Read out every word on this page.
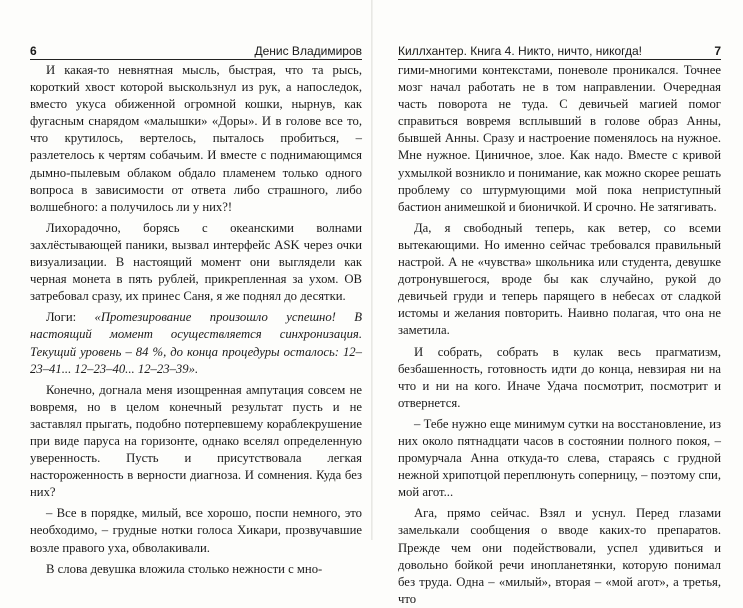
6	Денис Владимиров

И какая-то невнятная мысль, быстрая, что та рысь, короткий хвост которой выскользнул из рук, а напоследок, вместо укуса обиженной огромной кошки, нырнув, как фугасным снарядом «малышки» «Доры». И в голове все то, что крутилось, вертелось, пыталось пробиться, – разлетелось к чертям собачьим. И вместе с поднимающимся дымно-пылевым облаком обдало пламенем только одного вопроса в зависимости от ответа либо страшного, либо волшебного: а получилось ли у них?!

Лихорадочно, борясь с океанскими волнами захлёстывающей паники, вызвал интерфейс ASK через очки визуализации. В настоящий момент они выглядели как черная монета в пять рублей, прикрепленная за ухом. ОВ затребовал сразу, их принес Саня, я же поднял до десятки.

Логи: «Протезирование произошло успешно! В настоящий момент осуществляется синхронизация. Текущий уровень – 84 %, до конца процедуры осталось: 12–23–41... 12–23–40... 12–23–39».

Конечно, догнала меня изощренная ампутация совсем не вовремя, но в целом конечный результат пусть и не заставлял прыгать, подобно потерпевшему кораблекрушение при виде паруса на горизонте, однако вселял определенную уверенность. Пусть и присутствовала легкая настороженность в верности диагноза. И сомнения. Куда без них?

– Все в порядке, милый, все хорошо, поспи немного, это необходимо, – грудные нотки голоса Хикари, прозвучавшие возле правого уха, обволакивали.

В слова девушка вложила столько нежности с мно-

Киллхантер. Книга 4. Никто, ничто, никогда!	7

гими-многими контекстами, поневоле проникался. Точнее мозг начал работать не в том направлении. Очередная часть поворота не туда. С девичьей магией помог справиться вовремя всплывший в голове образ Анны, бывшей Анны. Сразу и настроение поменялось на нужное. Мне нужное. Циничное, злое. Как надо. Вместе с кривой ухмылкой возникло и понимание, как можно скорее решать проблему со штурмующими мой пока неприступный бастион анимешкой и бионичкой. И срочно. Не затягивать.

Да, я свободный теперь, как ветер, со всеми вытекающими. Но именно сейчас требовался правильный настрой. А не «чувства» школьника или студента, девушке дотронувшегося, вроде бы как случайно, рукой до девичьей груди и теперь парящего в небесах от сладкой истомы и желания повторить. Наивно полагая, что она не заметила.

И собрать, собрать в кулак весь прагматизм, безбашенность, готовность идти до конца, невзирая ни на что и ни на кого. Иначе Удача посмотрит, посмотрит и отвернется.

– Тебе нужно еще минимум сутки на восстановление, из них около пятнадцати часов в состоянии полного покоя, – промурчала Анна откуда-то слева, стараясь с грудной нежной хрипотцой переплюнуть соперницу, – поэтому спи, мой агот...

Ага, прямо сейчас. Взял и уснул. Перед глазами замелькали сообщения о вводе каких-то препаратов. Прежде чем они подействовали, успел удивиться и довольно бойкой речи инопланетянки, которую понимал без труда. Одна – «милый», вторая – «мой агот», а третья, что
